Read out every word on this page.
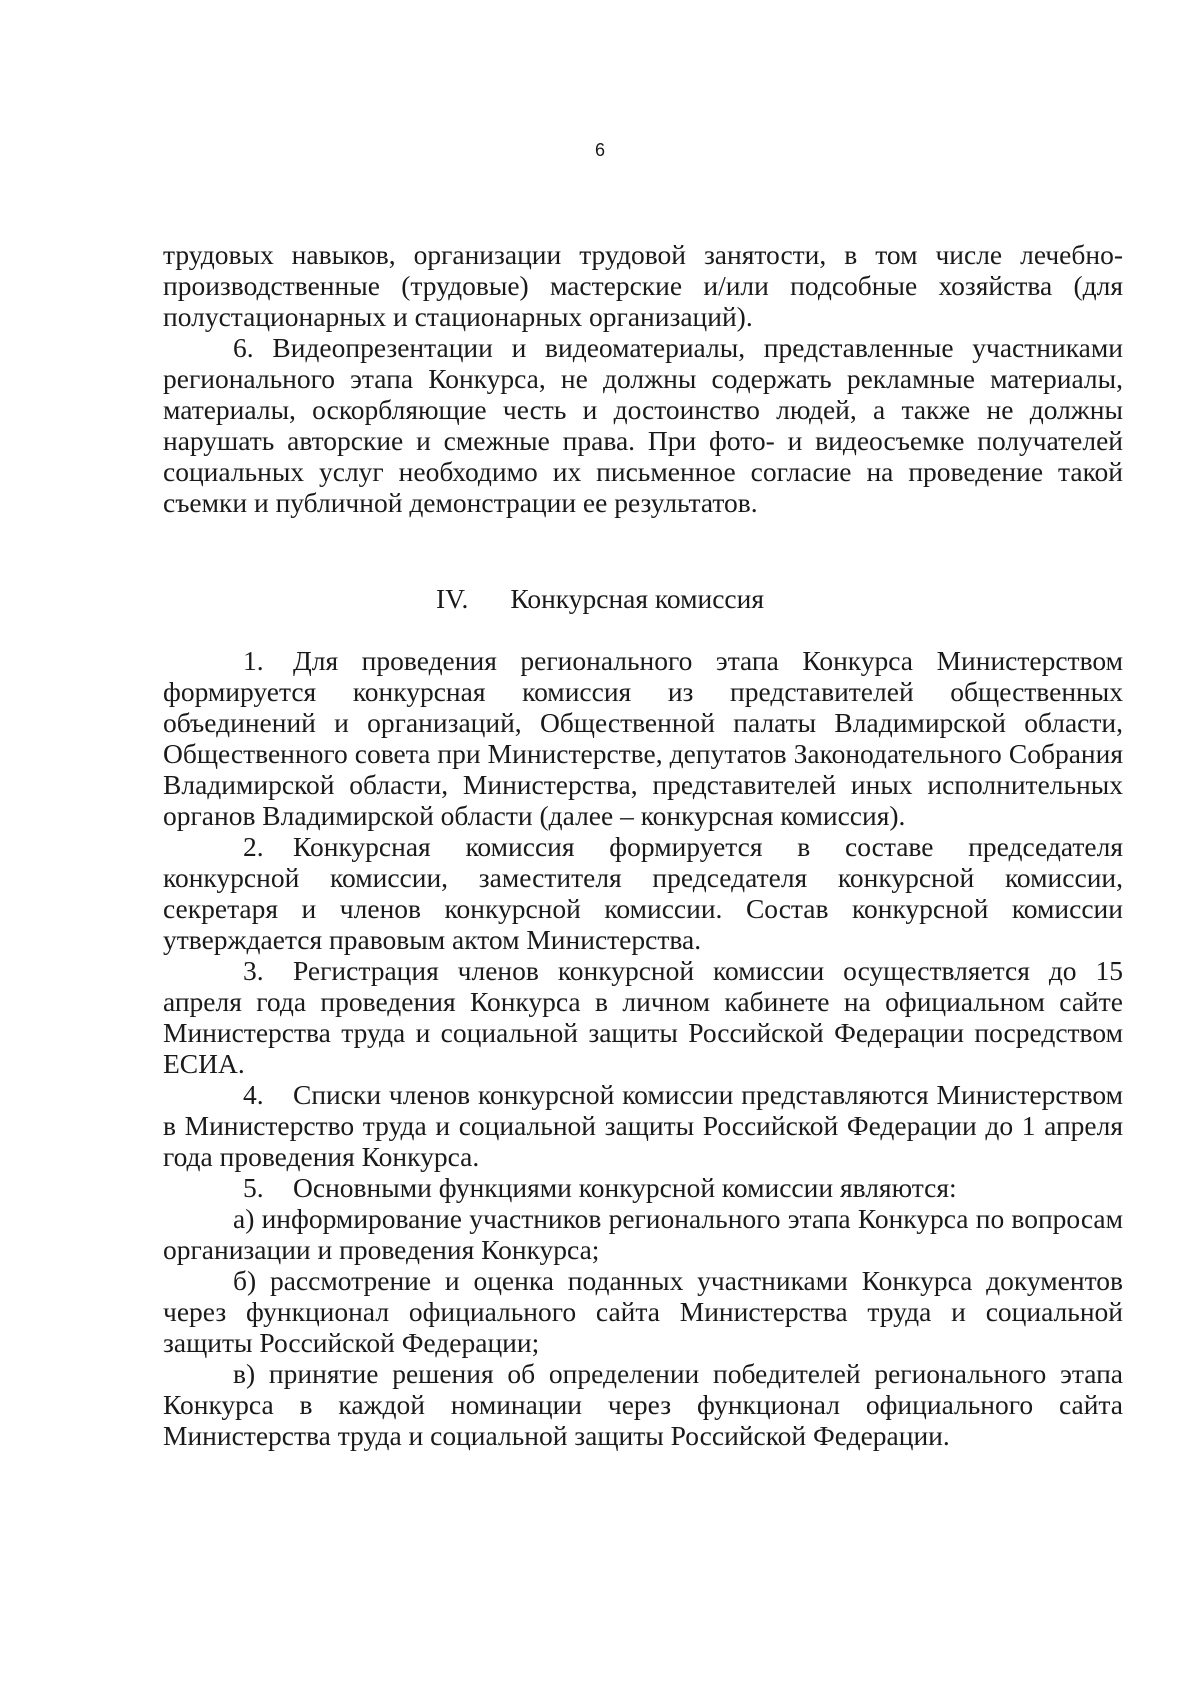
6

трудовых навыков, организации трудовой занятости, в том числе лечебно-производственные (трудовые) мастерские и/или подсобные хозяйства (для полустационарных и стационарных организаций).

6. Видеопрезентации и видеоматериалы, представленные участниками регионального этапа Конкурса, не должны содержать рекламные материалы, материалы, оскорбляющие честь и достоинство людей, а также не должны нарушать авторские и смежные права. При фото- и видеосъемке получателей социальных услуг необходимо их письменное согласие на проведение такой съемки и публичной демонстрации ее результатов.

IV. Конкурсная комиссия

1. Для проведения регионального этапа Конкурса Министерством формируется конкурсная комиссия из представителей общественных объединений и организаций, Общественной палаты Владимирской области, Общественного совета при Министерстве, депутатов Законодательного Собрания Владимирской области, Министерства, представителей иных исполнительных органов Владимирской области (далее – конкурсная комиссия).

2. Конкурсная комиссия формируется в составе председателя конкурсной комиссии, заместителя председателя конкурсной комиссии, секретаря и членов конкурсной комиссии. Состав конкурсной комиссии утверждается правовым актом Министерства.

3. Регистрация членов конкурсной комиссии осуществляется до 15 апреля года проведения Конкурса в личном кабинете на официальном сайте Министерства труда и социальной защиты Российской Федерации посредством ЕСИА.

4. Списки членов конкурсной комиссии представляются Министерством в Министерство труда и социальной защиты Российской Федерации до 1 апреля года проведения Конкурса.

5. Основными функциями конкурсной комиссии являются:

а) информирование участников регионального этапа Конкурса по вопросам организации и проведения Конкурса;

б) рассмотрение и оценка поданных участниками Конкурса документов через функционал официального сайта Министерства труда и социальной защиты Российской Федерации;

в) принятие решения об определении победителей регионального этапа Конкурса в каждой номинации через функционал официального сайта Министерства труда и социальной защиты Российской Федерации.
